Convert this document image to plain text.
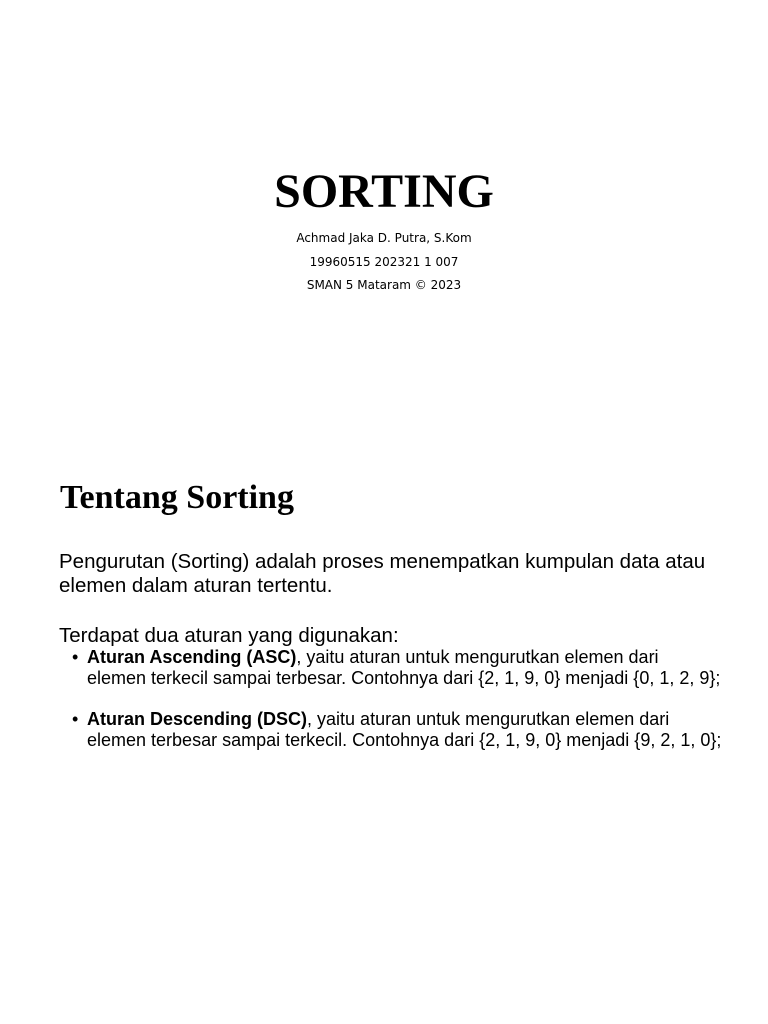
SORTING
Achmad Jaka D. Putra, S.Kom
19960515 202321 1 007
SMAN 5 Mataram © 2023
Tentang Sorting

Pengurutan (Sorting) adalah proses menempatkan kumpulan data atau elemen dalam aturan tertentu.

Terdapat dua aturan yang digunakan:

• Aturan Ascending (ASC), yaitu aturan untuk mengurutkan elemen dari elemen terkecil sampai terbesar. Contohnya dari {2, 1, 9, 0} menjadi {0, 1, 2, 9};
• Aturan Descending (DSC), yaitu aturan untuk mengurutkan elemen dari elemen terbesar sampai terkecil. Contohnya dari {2, 1, 9, 0} menjadi {9, 2, 1, 0};
